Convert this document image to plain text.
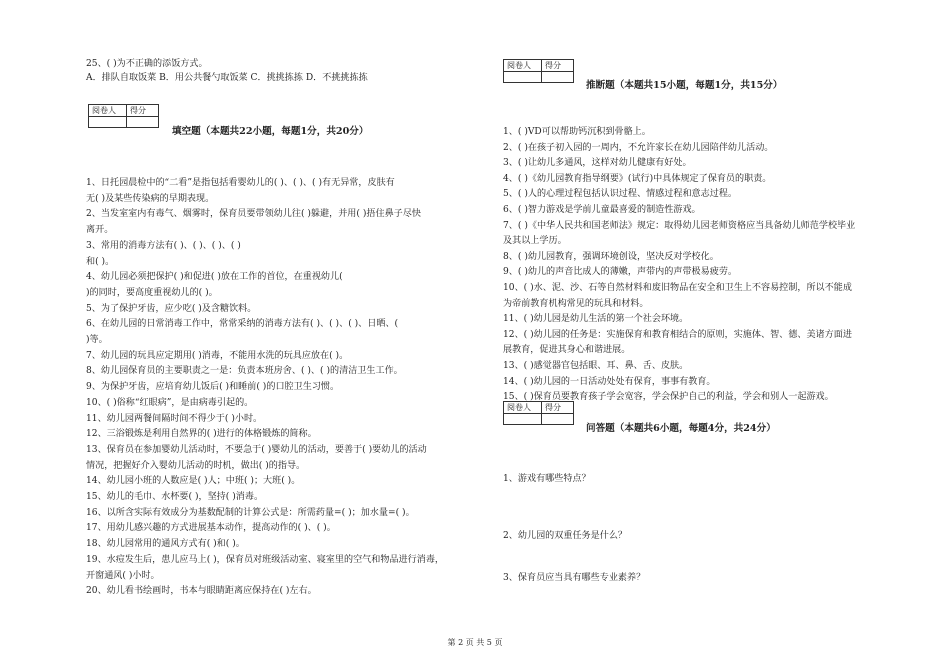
25、( )为不正确的添饭方式。
A．排队自取饭菜 B．用公共餐勺取饭菜 C．挑挑拣拣 D．不挑挑拣拣
阅卷人	得分

填空题（本题共22小题，每题1分，共20分）
1、日托园晨检中的“二看”是指包括看婴幼儿的( )、( )、( )有无异常，皮肤有
无( )及某些传染病的早期表现。
2、当发室室内有毒气、烟雾时，保育员要带领幼儿往( )躲避，并用( )捂住鼻子尽快
离开。
3、常用的消毒方法有( )、( )、( )、( )
和( )。
4、幼儿园必须把保护( )和促进( )放在工作的首位，在重视幼儿(
)的同时，要高度重视幼儿的( )。
5、为了保护牙齿，应少吃( )及含糖饮料。
6、在幼儿园的日常消毒工作中，常常采纳的消毒方法有( )、( )、( )、日晒、(
)等。
7、幼儿园的玩具应定期用( )消毒，不能用水洗的玩具应放在( )。
8、幼儿园保育员的主要职责之一是：负责本班房舍、( )、( )的清洁卫生工作。
9、为保护牙齿，应培育幼儿饭后( )和睡前( )的口腔卫生习惯。
10、( )俗称“红眼病”，是由病毒引起的。
11、幼儿园两餐间隔时间不得少于( )小时。
12、三浴锻炼是利用自然界的( )进行的体格锻炼的简称。
13、保育员在参加婴幼儿活动时，不要急于( )婴幼儿的活动，要善于( )要幼儿的活动
情况，把握好介入婴幼儿活动的时机，做出( )的指导。
14、幼儿园小班的人数应是( )人；中班( )；大班( )。
15、幼儿的毛巾、水杯要( )，坚持( )消毒。
16、以所含实际有效成分为基数配制的计算公式是：所需药量=( )；加水量=( )。
17、用幼儿感兴趣的方式进展基本动作，提高动作的( )、( )。
18、幼儿园常用的通风方式有( )和( )。
19、水痘发生后，患儿应马上( )，保育员对班级活动室、寝室里的空气和物品进行消毒，
开窗通风( )小时。
20、幼儿看书绘画时，书本与眼睛距离应保持在( )左右。
阅卷人	得分

推断题（本题共15小题，每题1分，共15分）
1、( )VD可以帮助钙沉积到骨骼上。
2、( )在孩子初入园的一周内，不允许家长在幼儿园陪伴幼儿活动。
3、( )让幼儿多通风，这样对幼儿健康有好处。
4、( )《幼儿园教育指导纲要》(试行)中具体规定了保育员的职责。
5、( )人的心理过程包括认识过程、情感过程和意志过程。
6、( )智力游戏是学前儿童最喜爱的制造性游戏。
7、( )《中华人民共和国老师法》规定：取得幼儿园老师资格应当具备幼儿师范学校毕业
及其以上学历。
8、( )幼儿园教育，强调环境创设，坚决反对学校化。
9、( )幼儿的声音比成人的薄嫩，声带内的声带极易疲劳。
10、( )水、泥、沙、石等自然材料和废旧物品在安全和卫生上不容易控制，所以不能成
为帝前教育机构常见的玩具和材料。
11、( )幼儿园是幼儿生活的第一个社会环境。
12、( )幼儿园的任务是：实施保育和教育相结合的原则，实施体、智、德、美诸方面进
展教育，促进其身心和谐进展。
13、( )感觉器官包括眼、耳、鼻、舌、皮肤。
14、( )幼儿园的一日活动处处有保育，事事有教育。
15、( )保育员要教育孩子学会宽容，学会保护自己的利益，学会和别人一起游戏。
阅卷人	得分

问答题（本题共6小题，每题4分，共24分）
1、游戏有哪些特点？
2、幼儿园的双重任务是什么？
3、保育员应当具有哪些专业素养？
第 2 页 共 5 页
